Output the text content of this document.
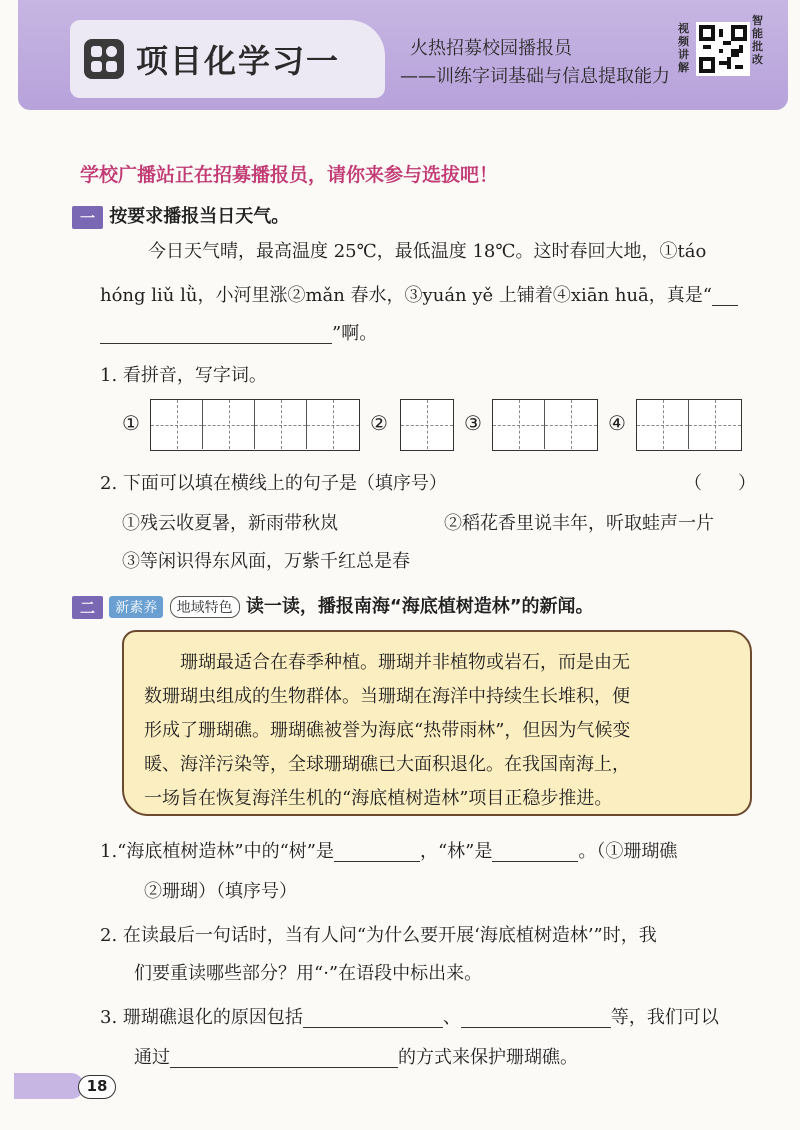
项目化学习一	火热招募校园播报员
——训练字词基础与信息提取能力
视频讲解
智能批改
学校广播站正在招募播报员，请你来参与选拔吧！
一 按要求播报当日天气。
今日天气晴，最高温度 25℃，最低温度 18℃。这时春回大地，①táo
hóng liǔ lǜ，小河里涨②mǎn 春水，③yuán yě 上铺着④xiān huā，真是“
”啊。
1. 看拼音，写字词。
①	②	③	④
2. 下面可以填在横线上的句子是（填序号）	（　　）
①残云收夏暑，新雨带秋岚	②稻花香里说丰年，听取蛙声一片
③等闲识得东风面，万紫千红总是春
二 新素养 地域特色 读一读，播报南海“海底植树造林”的新闻。
　　珊瑚最适合在春季种植。珊瑚并非植物或岩石，而是由无
数珊瑚虫组成的生物群体。当珊瑚在海洋中持续生长堆积，便
形成了珊瑚礁。珊瑚礁被誉为海底“热带雨林”，但因为气候变
暖、海洋污染等，全球珊瑚礁已大面积退化。在我国南海上，
一场旨在恢复海洋生机的“海底植树造林”项目正稳步推进。
1.“海底植树造林”中的“树”是	，“林”是	。（①珊瑚礁
②珊瑚）（填序号）
2. 在读最后一句话时，当有人问“为什么要开展‘海底植树造林’”时，我
们要重读哪些部分？用“·”在语段中标出来。
3. 珊瑚礁退化的原因包括	、	等，我们可以
通过	的方式来保护珊瑚礁。
18
